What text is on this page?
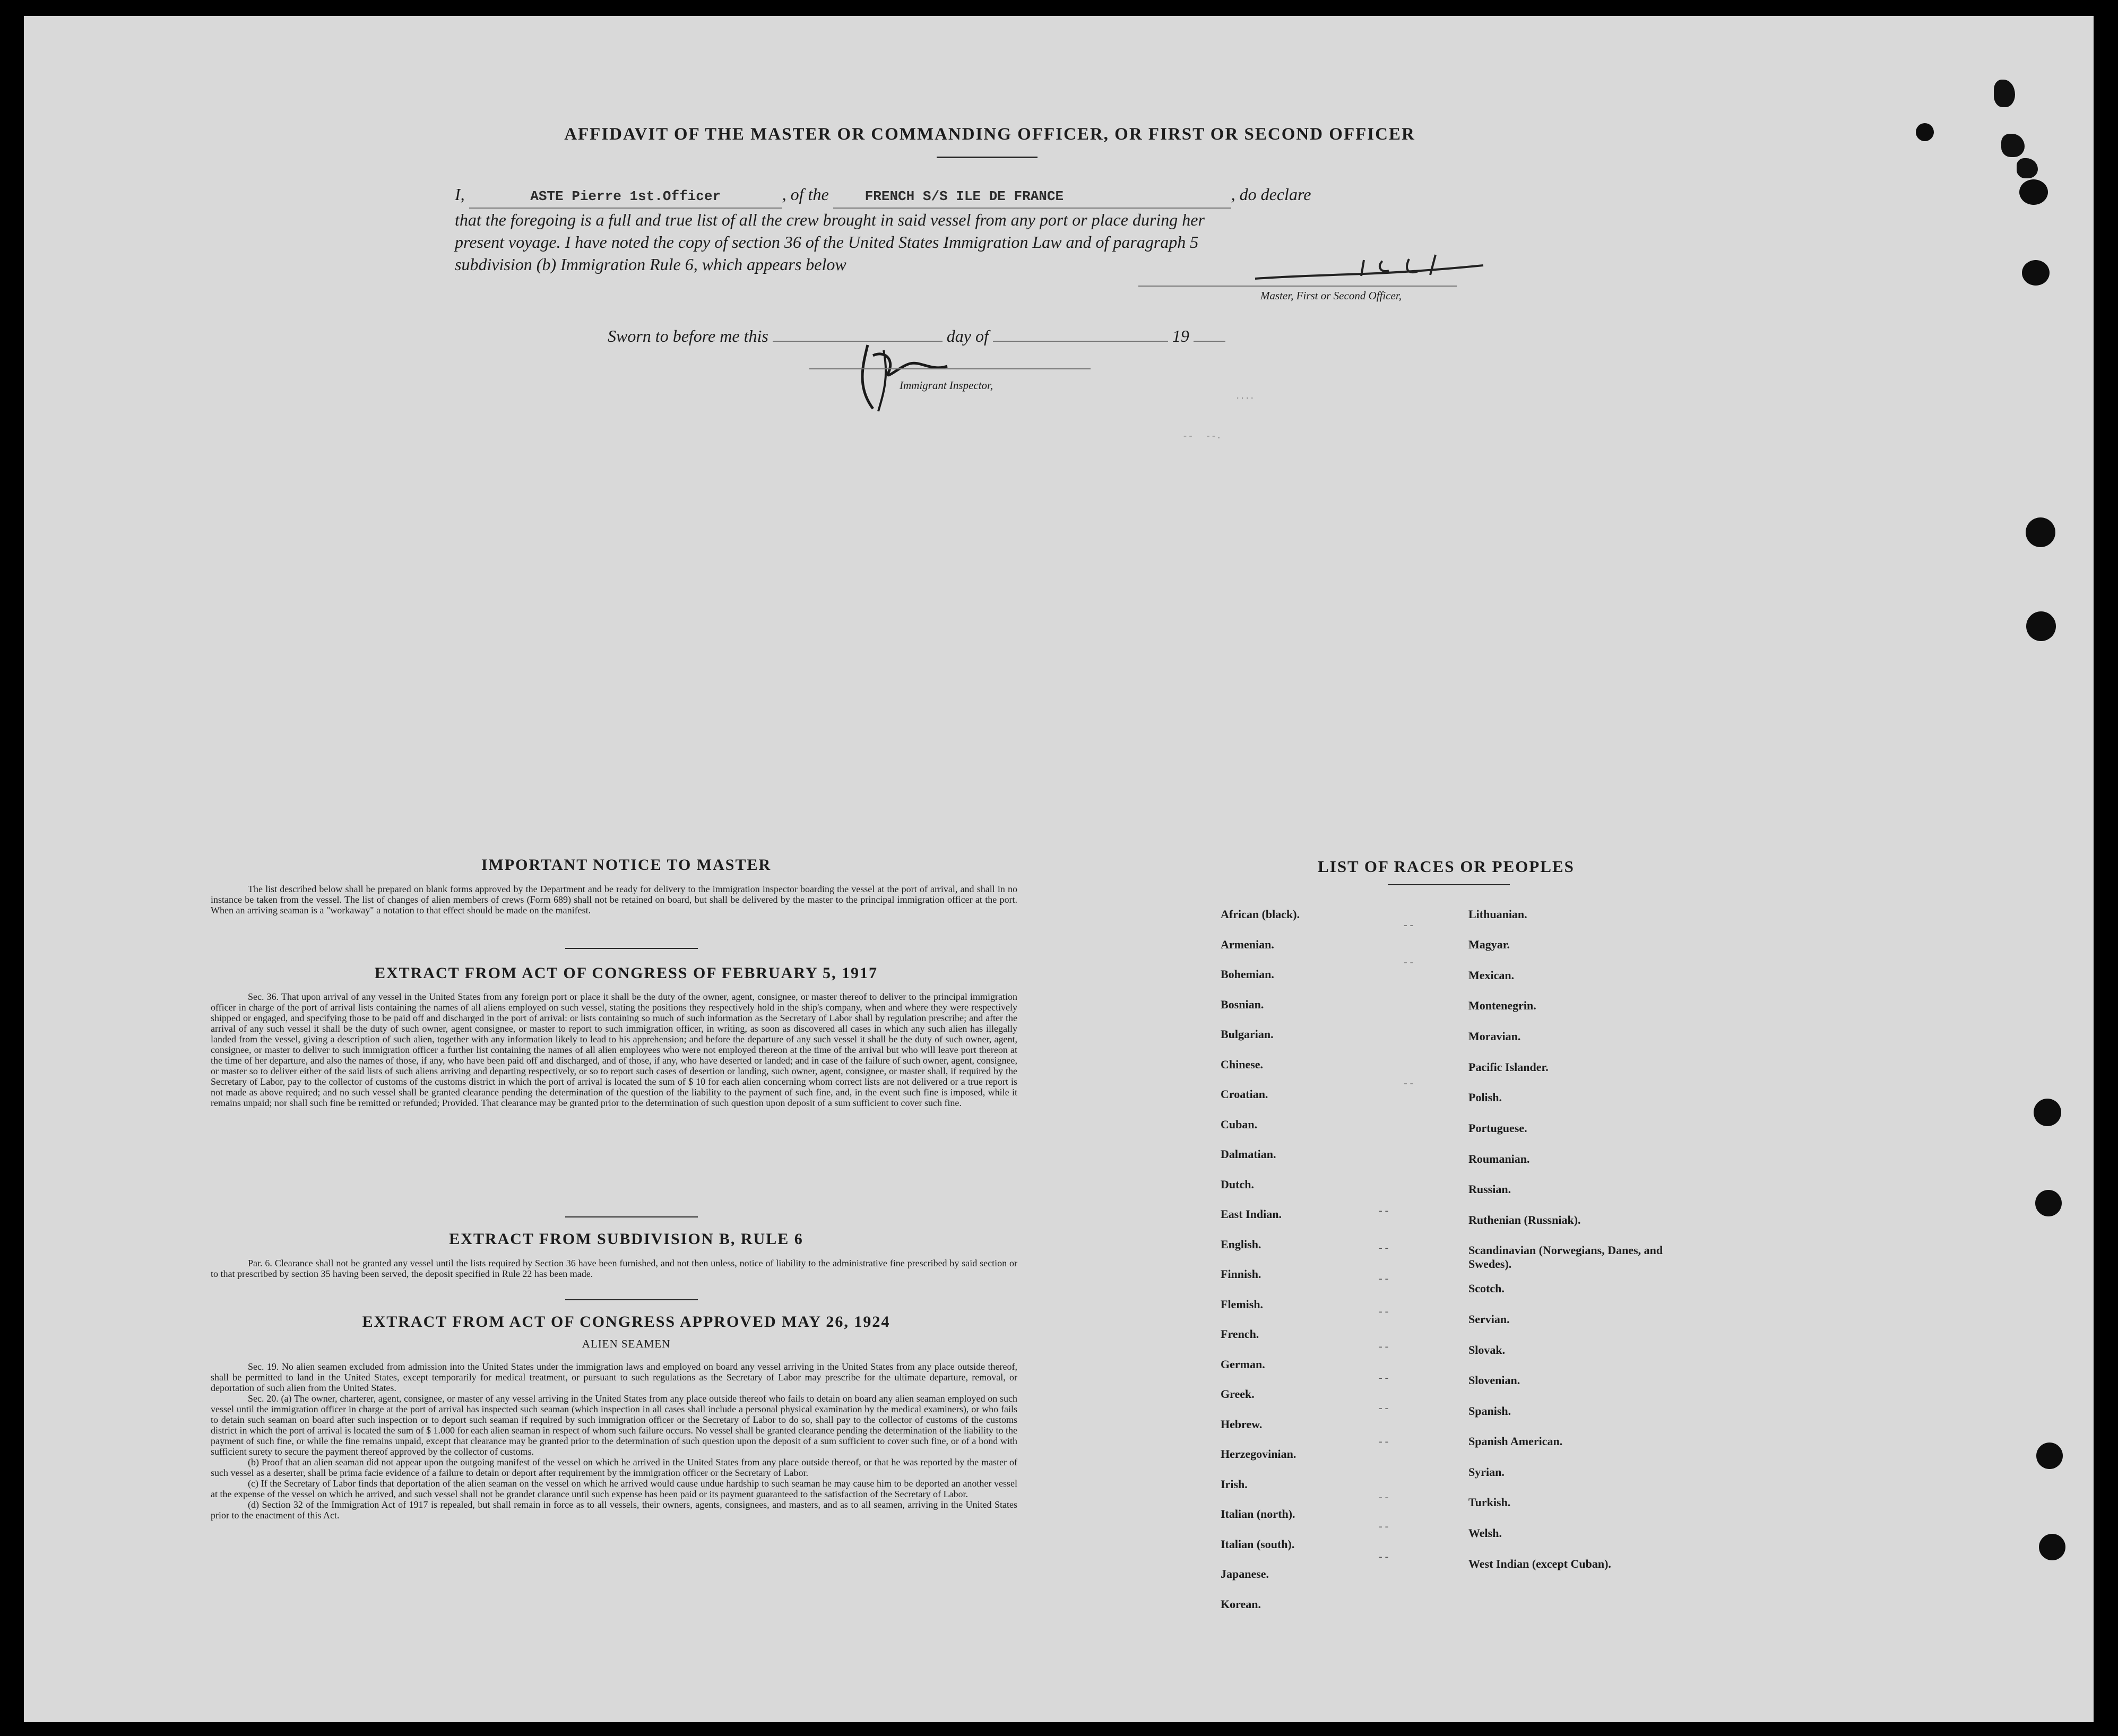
AFFIDAVIT OF THE MASTER OR COMMANDING OFFICER, OR FIRST OR SECOND OFFICER
I,	ASTE Pierre 1st.Officer	, of the	FRENCH S/S ILE DE FRANCE	, do declare
that the foregoing is a full and true list of all the crew brought in said vessel from any port or place during her
present voyage. I have noted the copy of section 36 of the United States Immigration Law and of paragraph 5
subdivision (b) Immigration Rule 6, which appears below
Master, First or Second Officer,
Sworn to before me this	day of	19
Immigrant Inspector,
. . . .
- -      - - .
IMPORTANT NOTICE TO MASTER

The list described below shall be prepared on blank forms approved by the Department and be ready for delivery to the immigration inspector boarding the vessel at the port of arrival, and shall in no instance be taken from the vessel. The list of changes of alien members of crews (Form 689) shall not be retained on board, but shall be delivered by the master to the principal immigration officer at the port. When an arriving seaman is a "workaway" a notation to that effect should be made on the manifest.

EXTRACT FROM ACT OF CONGRESS OF FEBRUARY 5, 1917

Sec. 36. That upon arrival of any vessel in the United States from any foreign port or place it shall be the duty of the owner, agent, consignee, or master thereof to deliver to the principal immigration officer in charge of the port of arrival lists containing the names of all aliens employed on such vessel, stating the positions they respectively hold in the ship's company, when and where they were respectively shipped or engaged, and specifying those to be paid off and discharged in the port of arrival: or lists containing so much of such information as the Secretary of Labor shall by regulation prescribe; and after the arrival of any such vessel it shall be the duty of such owner, agent consignee, or master to report to such immigration officer, in writing, as soon as discovered all cases in which any such alien has illegally landed from the vessel, giving a description of such alien, together with any information likely to lead to his apprehension; and before the departure of any such vessel it shall be the duty of such owner, agent, consignee, or master to deliver to such immigration officer a further list containing the names of all alien employees who were not employed thereon at the time of the arrival but who will leave port thereon at the time of her departure, and also the names of those, if any, who have been paid off and discharged, and of those, if any, who have deserted or landed; and in case of the failure of such owner, agent, consignee, or master so to deliver either of the said lists of such aliens arriving and departing respectively, or so to report such cases of desertion or landing, such owner, agent, consignee, or master shall, if required by the Secretary of Labor, pay to the collector of customs of the customs district in which the port of arrival is located the sum of $ 10 for each alien concerning whom correct lists are not delivered or a true report is not made as above required; and no such vessel shall be granted clearance pending the determination of the question of the liability to the payment of such fine, and, in the event such fine is imposed, while it remains unpaid; nor shall such fine be remitted or refunded; Provided. That clearance may be granted prior to the determination of such question upon deposit of a sum sufficient to cover such fine.

EXTRACT FROM SUBDIVISION B, RULE 6

Par. 6. Clearance shall not be granted any vessel until the lists required by Section 36 have been furnished, and not then unless, notice of liability to the administrative fine prescribed by said section or to that prescribed by section 35 having been served, the deposit specified in Rule 22 has been made.

EXTRACT FROM ACT OF CONGRESS APPROVED MAY 26, 1924
ALIEN SEAMEN

Sec. 19. No alien seamen excluded from admission into the United States under the immigration laws and employed on board any vessel arriving in the United States from any place outside thereof, shall be permitted to land in the United States, except temporarily for medical treatment, or pursuant to such regulations as the Secretary of Labor may prescribe for the ultimate departure, removal, or deportation of such alien from the United States.

Sec. 20. (a) The owner, charterer, agent, consignee, or master of any vessel arriving in the United States from any place outside thereof who fails to detain on board any alien seaman employed on such vessel until the immigration officer in charge at the port of arrival has inspected such seaman (which inspection in all cases shall include a personal physical examination by the medical examiners), or who fails to detain such seaman on board after such inspection or to deport such seaman if required by such immigration officer or the Secretary of Labor to do so, shall pay to the collector of customs of the customs district in which the port of arrival is located the sum of $ 1.000 for each alien seaman in respect of whom such failure occurs. No vessel shall be granted clearance pending the determination of the liability to the payment of such fine, or while the fine remains unpaid, except that clearance may be granted prior to the determination of such question upon the deposit of a sum sufficient to cover such fine, or of a bond with sufficient surety to secure the payment thereof approved by the collector of customs.

(b) Proof that an alien seaman did not appear upon the outgoing manifest of the vessel on which he arrived in the United States from any place outside thereof, or that he was reported by the master of such vessel as a deserter, shall be prima facie evidence of a failure to detain or deport after requirement by the immigration officer or the Secretary of Labor.

(c) If the Secretary of Labor finds that deportation of the alien seaman on the vessel on which he arrived would cause undue hardship to such seaman he may cause him to be deported an another vessel at the expense of the vessel on which he arrived, and such vessel shall not be grandet clarance until such expense has been paid or its payment guaranteed to the satisfaction of the Secretary of Labor.

(d) Section 32 of the Immigration Act of 1917 is repealed, but shall remain in force as to all vessels, their owners, agents, consignees, and masters, and as to all seamen, arriving in the United States prior to the enactment of this Act.

LIST OF RACES OR PEOPLES
African (black).
Armenian.
Bohemian.
Bosnian.
Bulgarian.
Chinese.
Croatian.
Cuban.
Dalmatian.
Dutch.
East Indian.
English.
Finnish.
Flemish.
French.
German.
Greek.
Hebrew.
Herzegovinian.
Irish.
Italian (north).
Italian (south).
Japanese.
Korean.
Lithuanian.
Magyar.
Mexican.
Montenegrin.
Moravian.
Pacific Islander.
Polish.
Portuguese.
Roumanian.
Russian.
Ruthenian (Russniak).
Scandinavian (Norwegians, Danes, and Swedes).
Scotch.
Servian.
Slovak.
Slovenian.
Spanish.
Spanish American.
Syrian.
Turkish.
Welsh.
West Indian (except Cuban).
- -
- -
- -
- -
- -
- -
- -
- -
- -
- -
- -
- -
- -
- -
